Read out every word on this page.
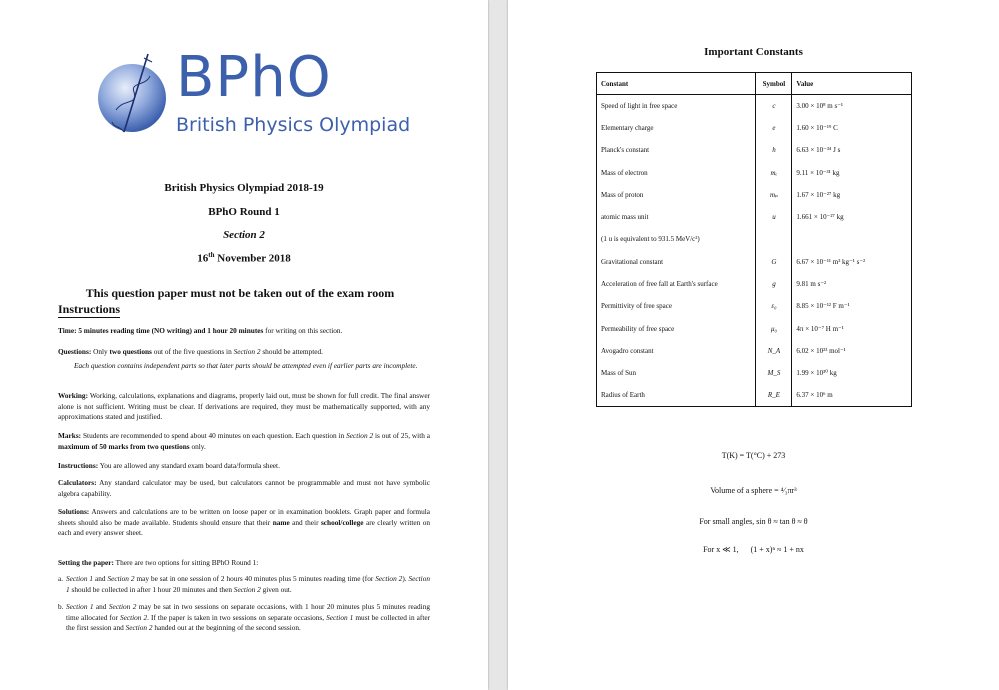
BPhO
British Physics Olympiad
British Physics Olympiad 2018-19
BPhO Round 1
Section 2
16th November 2018
This question paper must not be taken out of the exam room
Instructions
Time: 5 minutes reading time (NO writing) and 1 hour 20 minutes for writing on this section.
Questions: Only two questions out of the five questions in Section 2 should be attempted.
Each question contains independent parts so that later parts should be attempted even if earlier parts are incomplete.
Working: Working, calculations, explanations and diagrams, properly laid out, must be shown for full credit. The final answer alone is not sufficient. Writing must be clear. If derivations are required, they must be mathematically supported, with any approximations stated and justified.
Marks: Students are recommended to spend about 40 minutes on each question. Each question in Section 2 is out of 25, with a maximum of 50 marks from two questions only.
Instructions: You are allowed any standard exam board data/formula sheet.
Calculators: Any standard calculator may be used, but calculators cannot be programmable and must not have symbolic algebra capability.
Solutions: Answers and calculations are to be written on loose paper or in examination booklets. Graph paper and formula sheets should also be made available. Students should ensure that their name and their school/college are clearly written on each and every answer sheet.
Setting the paper: There are two options for sitting BPhO Round 1:
a. Section 1 and Section 2 may be sat in one session of 2 hours 40 minutes plus 5 minutes reading time (for Section 2). Section 1 should be collected in after 1 hour 20 minutes and then Section 2 given out.
b. Section 1 and Section 2 may be sat in two sessions on separate occasions, with 1 hour 20 minutes plus 5 minutes reading time allocated for Section 2. If the paper is taken in two sessions on separate occasions, Section 1 must be collected in after the first session and Section 2 handed out at the beginning of the second session.
Important Constants
Constant	Symbol	Value
Speed of light in free space	c	3.00 × 10⁸ m s⁻¹
Elementary charge	e	1.60 × 10⁻¹⁹ C
Planck's constant	h	6.63 × 10⁻³⁴ J s
Mass of electron	mₑ	9.11 × 10⁻³¹ kg
Mass of proton	mₚ	1.67 × 10⁻²⁷ kg
atomic mass unit	u	1.661 × 10⁻²⁷ kg
(1 u is equivalent to 931.5 MeV/c²)		
Gravitational constant	G	6.67 × 10⁻¹¹ m³ kg⁻¹ s⁻²
Acceleration of free fall at Earth's surface	g	9.81 m s⁻²
Permittivity of free space	ε₀	8.85 × 10⁻¹² F m⁻¹
Permeability of free space	μ₀	4π × 10⁻⁷ H m⁻¹
Avogadro constant	N_A	6.02 × 10²³ mol⁻¹
Mass of Sun	M_S	1.99 × 10³⁰ kg
Radius of Earth	R_E	6.37 × 10⁶ m
T(K) = T(°C) + 273
Volume of a sphere = ⁴⁄₃πr³
For small angles, sin θ ≈ tan θ ≈ θ
For x ≪ 1, (1 + x)ⁿ ≈ 1 + nx
